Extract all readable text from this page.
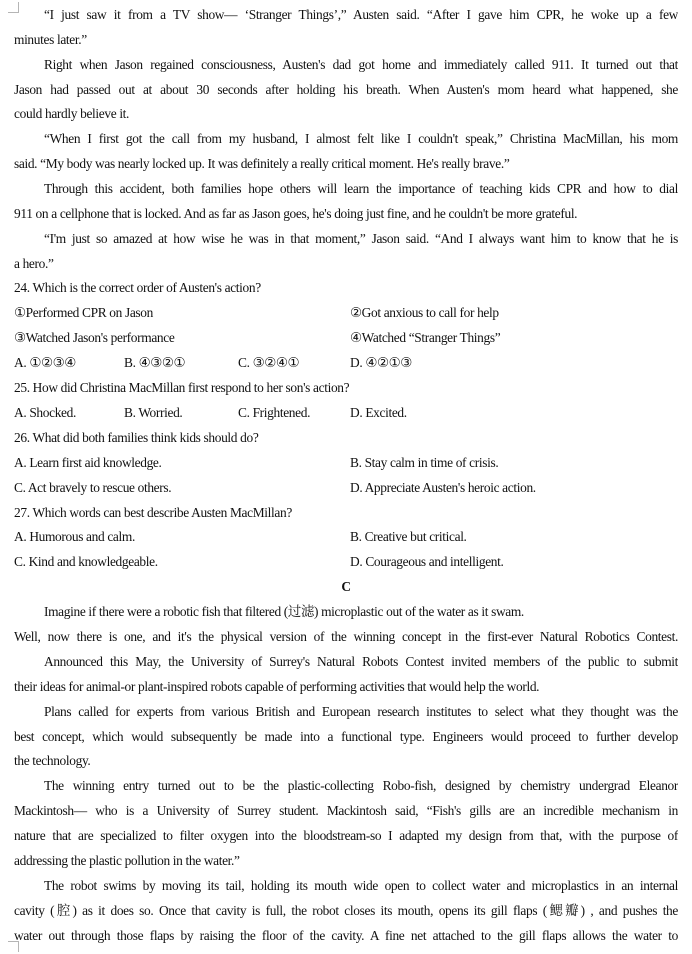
“I just saw it from a TV show— ‘Stranger Things’,” Austen said. “After I gave him CPR, he woke up a few
minutes later.”
Right when Jason regained consciousness, Austen's dad got home and immediately called 911. It turned out that
Jason had passed out at about 30 seconds after holding his breath. When Austen's mom heard what happened, she
could hardly believe it.
“When I first got the call from my husband, I almost felt like I couldn't speak,” Christina MacMillan, his mom
said. “My body was nearly locked up. It was definitely a really critical moment. He's really brave.”
Through this accident, both families hope others will learn the importance of teaching kids CPR and how to dial
911 on a cellphone that is locked. And as far as Jason goes, he's doing just fine, and he couldn't be more grateful.
“I'm just so amazed at how wise he was in that moment,” Jason said. “And I always want him to know that he is
a hero.”
24. Which is the correct order of Austen's action?
①Performed CPR on Jason	②Got anxious to call for help
③Watched Jason's performance	④Watched “Stranger Things”
A. ①②③④	B. ④③②①	C. ③②④①	D. ④②①③
25. How did Christina MacMillan first respond to her son's action?
A. Shocked.	B. Worried.	C. Frightened.	D. Excited.
26. What did both families think kids should do?
A. Learn first aid knowledge.	B. Stay calm in time of crisis.
C. Act bravely to rescue others.	D. Appreciate Austen's heroic action.
27. Which words can best describe Austen MacMillan?
A. Humorous and calm.	B. Creative but critical.
C. Kind and knowledgeable.	D. Courageous and intelligent.
C
Imagine if there were a robotic fish that filtered (过滤) microplastic out of the water as it swam.
Well, now there is one, and it's the physical version of the winning concept in the first-ever Natural Robotics Contest.
Announced this May, the University of Surrey's Natural Robots Contest invited members of the public to submit
their ideas for animal-or plant-inspired robots capable of performing activities that would help the world.
Plans called for experts from various British and European research institutes to select what they thought was the
best concept, which would subsequently be made into a functional type. Engineers would proceed to further develop
the technology.
The winning entry turned out to be the plastic-collecting Robo-fish, designed by chemistry undergrad Eleanor
Mackintosh— who is a University of Surrey student. Mackintosh said, “Fish's gills are an incredible mechanism in
nature that are specialized to filter oxygen into the bloodstream-so I adapted my design from that, with the purpose of
addressing the plastic pollution in the water.”
The robot swims by moving its tail, holding its mouth wide open to collect water and microplastics in an internal
cavity (腔) as it does so. Once that cavity is full, the robot closes its mouth, opens its gill flaps (鳃瓣) , and pushes the
water out through those flaps by raising the floor of the cavity. A fine net attached to the gill flaps allows the water to
